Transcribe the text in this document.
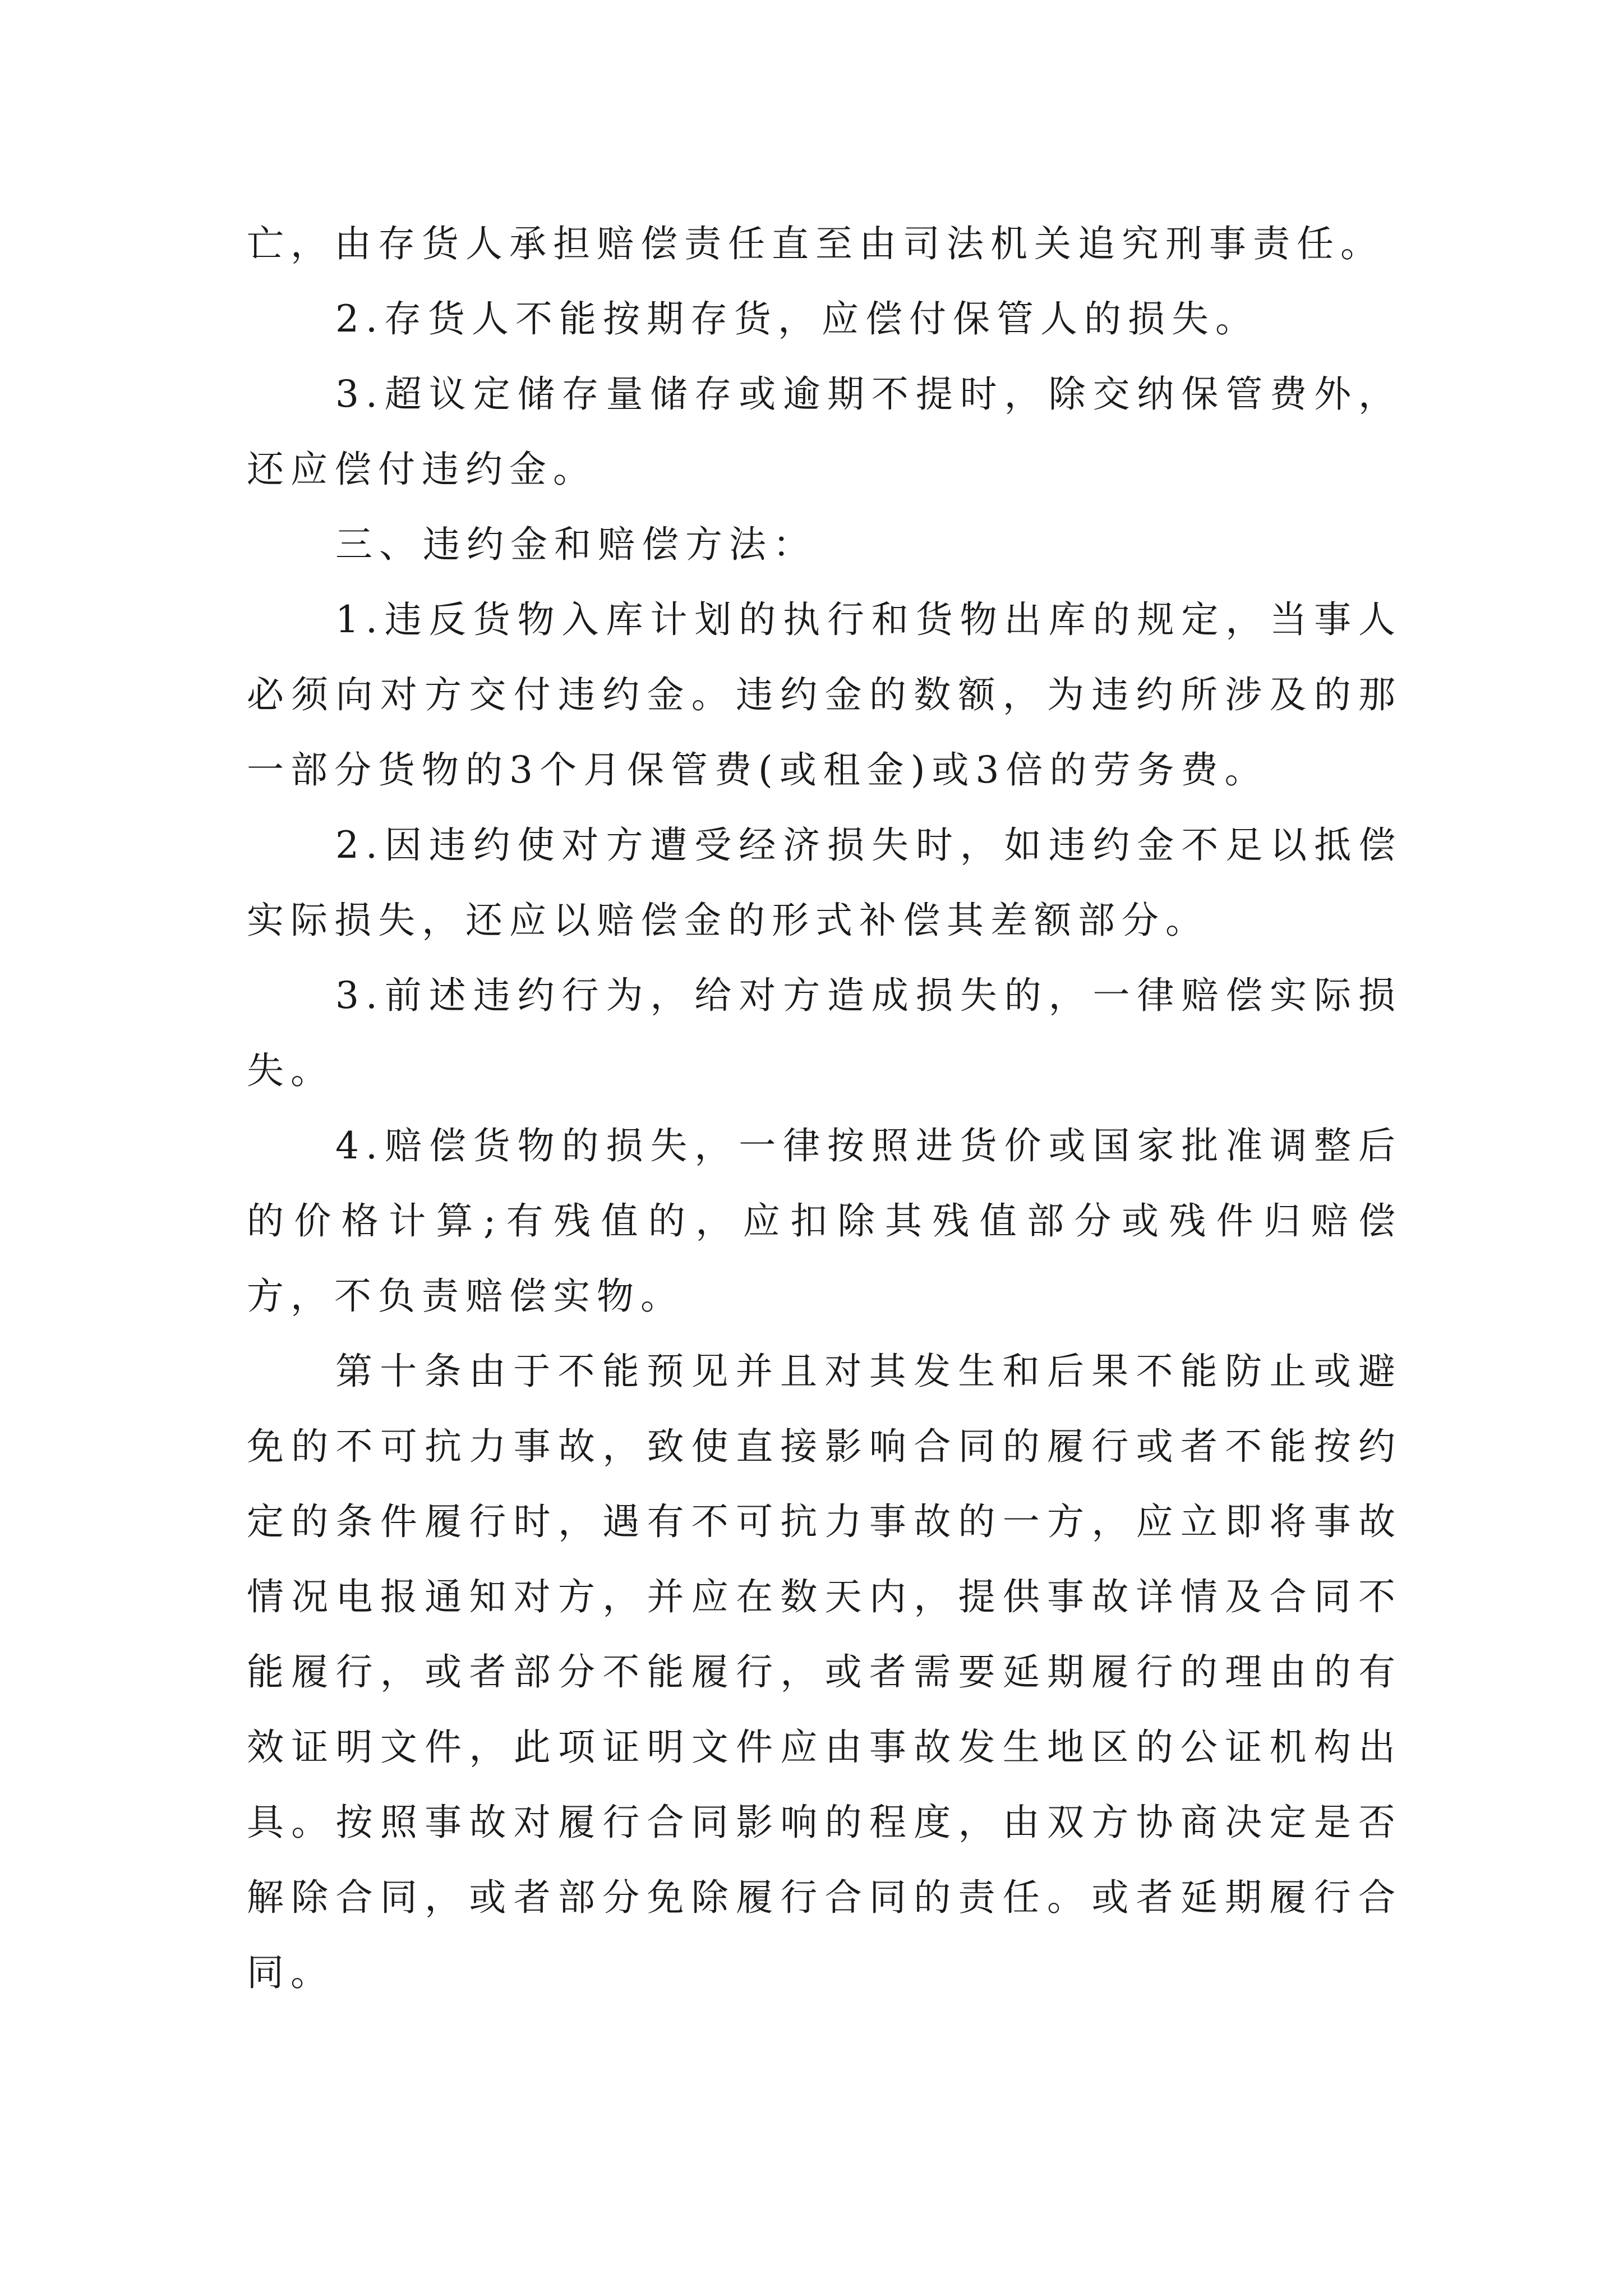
亡，由存货人承担赔偿责任直至由司法机关追究刑事责任。

2.存货人不能按期存货，应偿付保管人的损失。

3.超议定储存量储存或逾期不提时，除交纳保管费外，还应偿付违约金。

三、违约金和赔偿方法：

1.违反货物入库计划的执行和货物出库的规定，当事人必须向对方交付违约金。违约金的数额，为违约所涉及的那一部分货物的3个月保管费(或租金)或3倍的劳务费。

2.因违约使对方遭受经济损失时，如违约金不足以抵偿实际损失，还应以赔偿金的形式补偿其差额部分。

3.前述违约行为，给对方造成损失的，一律赔偿实际损失。

4.赔偿货物的损失，一律按照进货价或国家批准调整后的价格计算;有残值的，应扣除其残值部分或残件归赔偿方，不负责赔偿实物。

第十条由于不能预见并且对其发生和后果不能防止或避免的不可抗力事故，致使直接影响合同的履行或者不能按约定的条件履行时，遇有不可抗力事故的一方，应立即将事故情况电报通知对方，并应在数天内，提供事故详情及合同不能履行，或者部分不能履行，或者需要延期履行的理由的有效证明文件，此项证明文件应由事故发生地区的公证机构出具。按照事故对履行合同影响的程度，由双方协商决定是否解除合同，或者部分免除履行合同的责任。或者延期履行合同。
